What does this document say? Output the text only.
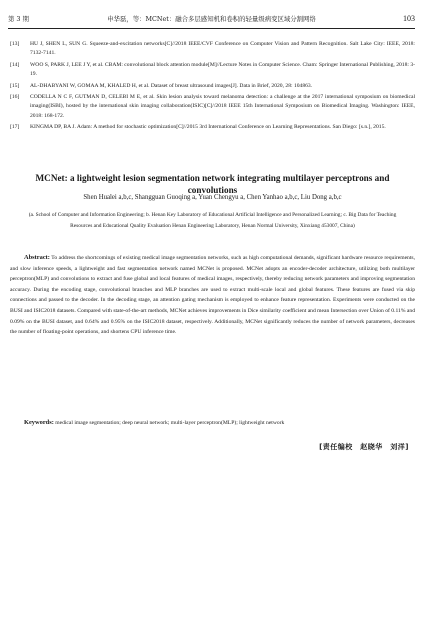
第 3 期	申华磊，等：MCNet：融合多层感知机和卷积的轻量级病变区域分割网络	103
[13] HU J, SHEN L, SUN G. Squeeze-and-excitation networks[C]//2018 IEEE/CVF Conference on Computer Vision and Pattern Recognition. Salt Lake City: IEEE, 2018: 7132-7141.
[14] WOO S, PARK J, LEE J Y, et al. CBAM: convolutional block attention module[M]//Lecture Notes in Computer Science. Cham: Springer International Publishing, 2018: 3-19.
[15] AL-DHABYANI W, GOMAA M, KHALED H, et al. Dataset of breast ultrasound images[J]. Data in Brief, 2020, 28: 104863.
[16] CODELLA N C F, GUTMAN D, CELEBI M E, et al. Skin lesion analysis toward melanoma detection: a challenge at the 2017 international symposium on biomedical imaging(ISBI), hosted by the international skin imaging collaboration(ISIC)[C]//2018 IEEE 15th International Symposium on Biomedical Imaging. Washington: IEEE, 2018: 168-172.
[17] KINGMA DP, BA J. Adam: A method for stochastic optimization[C]//2015 3rd International Conference on Learning Representations. San Diego: [s.n.], 2015.
MCNet: a lightweight lesion segmentation network integrating multilayer perceptrons and convolutions
Shen Hualei a,b,c, Shangguan Guoqing a, Yuan Chengyu a, Chen Yanhao a,b,c, Liu Dong a,b,c
(a. School of Computer and Information Engineering; b. Henan Key Laboratory of Educational Artificial Intelligence and Personalized Learning; c. Big Data for Teaching Resources and Educational Quality Evaluation Henan Engineering Laboratory, Henan Normal University, Xinxiang 453007, China)
Abstract: To address the shortcomings of existing medical image segmentation networks, such as high computational demands, significant hardware resource requirements, and slow inference speeds, a lightweight and fast segmentation network named MCNet is proposed. MCNet adopts an encoder-decoder architecture, utilizing both multilayer perceptron(MLP) and convolutions to extract and fuse global and local features of medical images, respectively, thereby reducing network parameters and improving segmentation accuracy. During the encoding stage, convolutional branches and MLP branches are used to extract multi-scale local and global features. These features are fused via skip connections and passed to the decoder. In the decoding stage, an attention gating mechanism is employed to enhance feature representation. Experiments were conducted on the BUSI and ISIC2018 datasets. Compared with state-of-the-art methods, MCNet achieves improvements in Dice similarity coefficient and mean Intersection over Union of 0.11% and 0.09% on the BUSI dataset, and 0.64% and 0.95% on the ISIC2018 dataset, respectively. Additionally, MCNet significantly reduces the number of network parameters, decreases the number of floating-point operations, and shortens CPU inference time.
Keywords: medical image segmentation; deep neural network; multi-layer perceptron(MLP); lightweight network
[责任编校　赵晓华　刘洋]
